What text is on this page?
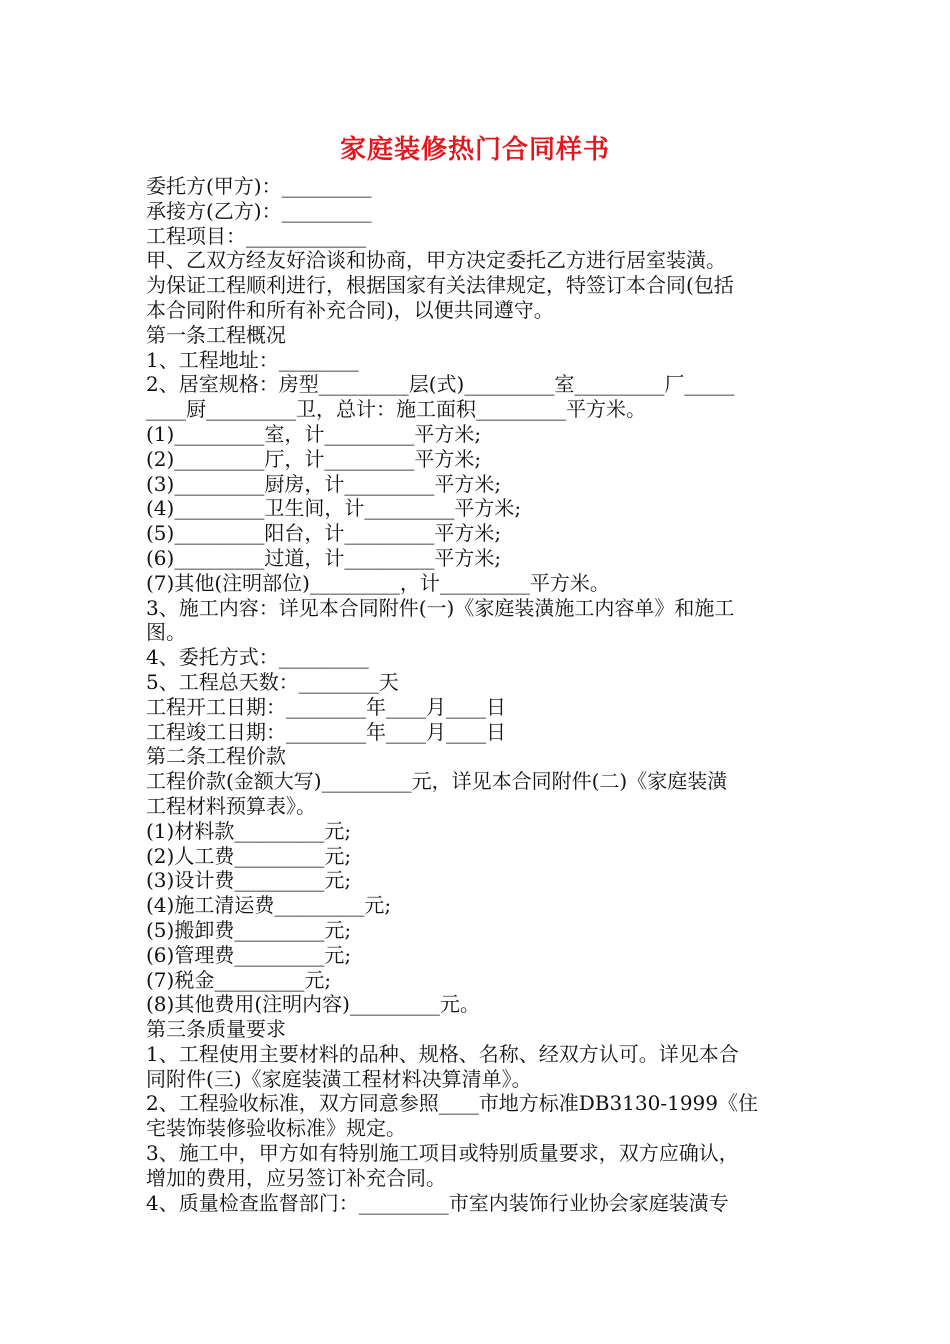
家庭装修热门合同样书

委托方(甲方)：_________

承接方(乙方)：_________

工程项目：____________

甲、乙双方经友好洽谈和协商，甲方决定委托乙方进行居室装潢。

为保证工程顺利进行，根据国家有关法律规定，特签订本合同(包括

本合同附件和所有补充合同)，以便共同遵守。

第一条工程概况

1、工程地址：________

2、居室规格：房型_________层(式)_________室_________厂_____

____厨_________卫，总计：施工面积_________平方米。

(1)_________室，计_________平方米;

(2)_________厅，计_________平方米;

(3)_________厨房，计_________平方米;

(4)_________卫生间，计_________平方米;

(5)_________阳台，计_________平方米;

(6)_________过道，计_________平方米;

(7)其他(注明部位)_________，计_________平方米。

3、施工内容：详见本合同附件(一)《家庭装潢施工内容单》和施工

图。

4、委托方式：_________

5、工程总天数：________天

工程开工日期：________年____月____日

工程竣工日期：________年____月____日

第二条工程价款

工程价款(金额大写)_________元，详见本合同附件(二)《家庭装潢

工程材料预算表》。

(1)材料款_________元;

(2)人工费_________元;

(3)设计费_________元;

(4)施工清运费_________元;

(5)搬卸费_________元;

(6)管理费_________元;

(7)税金_________元;

(8)其他费用(注明内容)_________元。

第三条质量要求

1、工程使用主要材料的品种、规格、名称、经双方认可。详见本合

同附件(三)《家庭装潢工程材料决算清单》。

2、工程验收标准，双方同意参照____市地方标准DB3130-1999《住

宅装饰装修验收标准》规定。

3、施工中，甲方如有特别施工项目或特别质量要求，双方应确认，

增加的费用，应另签订补充合同。

4、质量检查监督部门：_________市室内装饰行业协会家庭装潢专
